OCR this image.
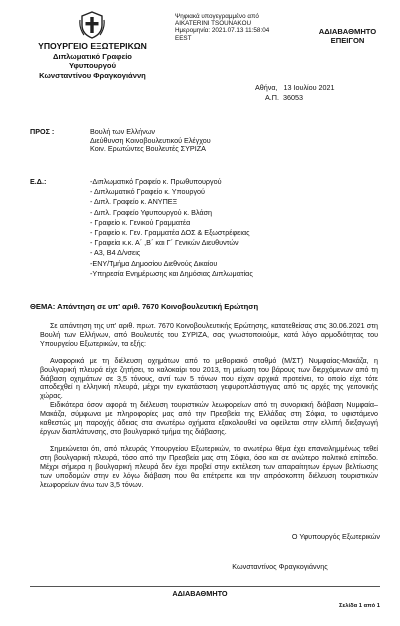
ΥΠΟΥΡΓΕΙΟ ΕΞΩΤΕΡΙΚΩΝ
Διπλωματικό Γραφείο Υφυπουργού
Κωνσταντίνου Φραγκογιάννη
Ψηφιακά υπογεγραμμένο από
AIKATERINI TSOUNAKOU
Ημερομηνία: 2021.07.13 11:58:04
EEST
ΑΔΙΑΒΑΘΜΗΤΟ
ΕΠΕΙΓΟΝ
Αθήνα,   13 Ιουλίου 2021
Α.Π. 36053
ΠΡΟΣ :	Βουλή των Ελλήνων
Διεύθυνση Κοινοβουλευτικού Ελέγχου
Κοιν. Ερωτώντες Βουλευτές ΣΥΡΙΖΑ
Ε.Δ.:	-Διπλωματικό Γραφείο κ. Πρωθυπουργού
- Διπλωματικό Γραφείο κ. Υπουργού
- Διπλ. Γραφείο κ. ΑΝΥΠΕΞ
- Διπλ. Γραφείο Υφυπουργού κ. Βλάση
- Γραφείο κ. Γενικού Γραμματέα
- Γραφείο κ. Γεν. Γραμματέα ΔΟΣ & Εξωστρέφειας
- Γραφεία κ.κ. Α΄ ,Β΄ και Γ΄ Γενικών Διευθυντών
- Α3, Β4 Δ/νσεις
-ΕΝΥ/Τμήμα Δημοσίου Διεθνούς Δικαίου
-Υπηρεσία Ενημέρωσης και Δημόσιας Διπλωματίας
ΘΕΜΑ: Απάντηση σε υπ' αριθ. 7670 Κοινοβουλευτική Ερώτηση

Σε απάντηση της υπ' αριθ. πρωτ. 7670 Κοινοβουλευτικής Ερώτησης, κατατεθείσας στις 30.06.2021 στη Βουλή των Ελλήνων, από Βουλευτές του ΣΥΡΙΖΑ, σας γνωστοποιούμε, κατά λόγο αρμοδιότητας του Υπουργείου Εξωτερικών, τα εξής:

Αναφορικά με τη διέλευση οχημάτων από το μεθοριακό σταθμό (Μ/ΣΤ) Νυμφαίας-Μακάζα, η βουλγαρική πλευρά είχε ζητήσει, το καλοκαίρι του 2013, τη μείωση του βάρους των διερχόμενων από τη διάβαση οχημάτων σε 3,5 τόνους, αντί των 5 τόνων που είχαν αρχικά προτείνει, το οποίο είχε τότε αποδεχθεί η ελληνική πλευρά, μέχρι την εγκατάσταση γεφυροπλάστιγγας από τις αρχές της γειτονικής χώρας.

Ειδικότερα όσον αφορά τη διέλευση τουριστικών λεωφορείων από τη συνοριακή διάβαση Νυμφαία–Μακάζα, σύμφωνα με πληροφορίες μας από την Πρεσβεία της Ελλάδας στη Σόφια, το υφιστάμενο καθεστώς μη παροχής άδειας στα ανωτέρω οχήματα εξακολουθεί να οφείλεται στην ελλιπή διεξαγωγή έργων διαπλάτυνσης, στο βουλγαρικό τμήμα της διάβασης.

Σημειώνεται ότι, από πλευράς Υπουργείου Εξωτερικών, το ανωτέρω θέμα έχει επανειλημμένως τεθεί στη βουλγαρική πλευρά, τόσο από την Πρεσβεία μας στη Σόφια, όσο και σε ανώτερο πολιτικό επίπεδο. Μέχρι σήμερα η βουλγαρική πλευρά δεν έχει προβεί στην εκτέλεση των απαραίτητων έργων βελτίωσης των υποδομών στην εν λόγω διάβαση που θα επέτρεπε και την απρόσκοπτη διέλευση τουριστικών λεωφορείων άνω των 3,5 τόνων.

Ο Υφυπουργός Εξωτερικών
Κωνσταντίνος Φραγκογιάννης
ΑΔΙΑΒΑΘΜΗΤΟ
Σελίδα 1 από 1
